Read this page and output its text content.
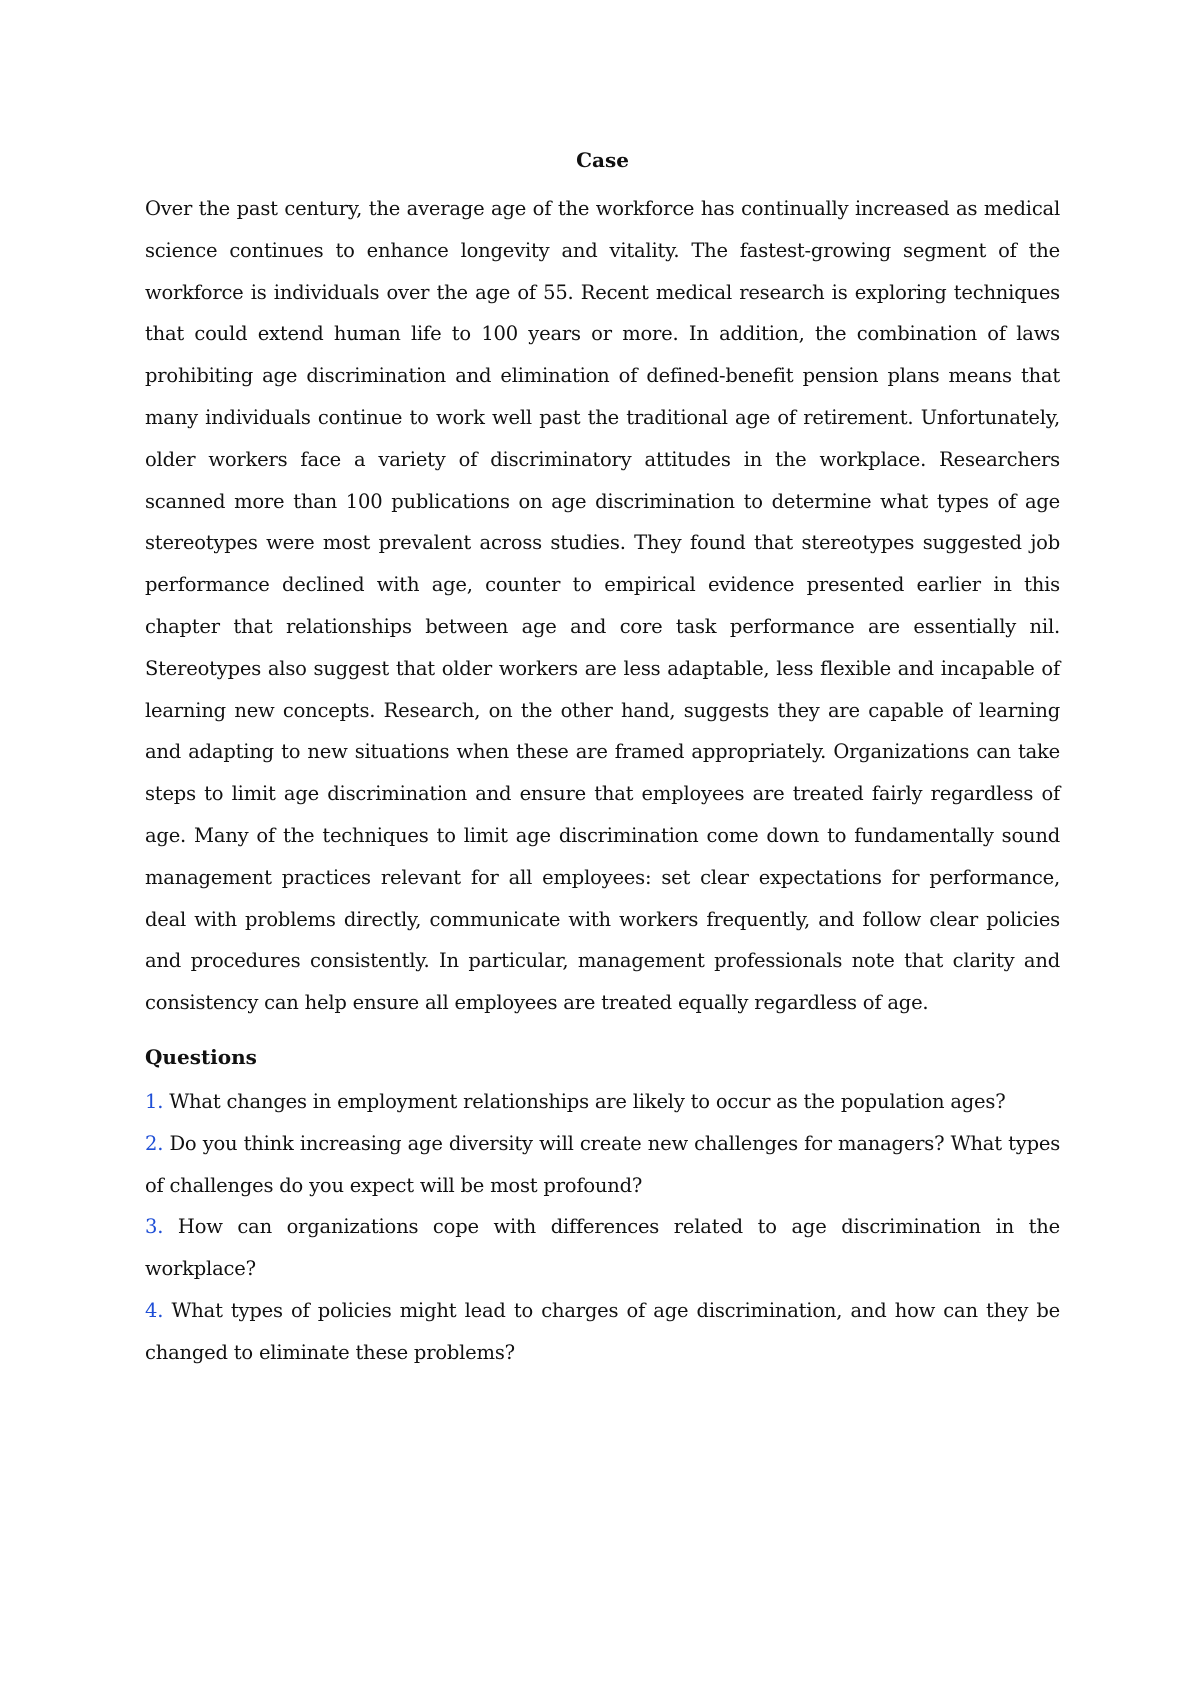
Case

Over the past century, the average age of the workforce has continually increased as medical science continues to enhance longevity and vitality. The fastest-growing segment of the workforce is individuals over the age of 55. Recent medical research is exploring techniques that could extend human life to 100 years or more. In addition, the combination of laws prohibiting age discrimination and elimination of defined-benefit pension plans means that many individuals continue to work well past the traditional age of retirement. Unfortunately, older workers face a variety of discriminatory attitudes in the workplace. Researchers scanned more than 100 publications on age discrimination to determine what types of age stereotypes were most prevalent across studies. They found that stereotypes suggested job performance declined with age, counter to empirical evidence presented earlier in this chapter that relationships between age and core task performance are essentially nil. Stereotypes also suggest that older workers are less adaptable, less flexible and incapable of learning new concepts. Research, on the other hand, suggests they are capable of learning and adapting to new situations when these are framed appropriately. Organizations can take steps to limit age discrimination and ensure that employees are treated fairly regardless of age. Many of the techniques to limit age discrimination come down to fundamentally sound management practices relevant for all employees: set clear expectations for performance, deal with problems directly, communicate with workers frequently, and follow clear policies and procedures consistently. In particular, management professionals note that clarity and consistency can help ensure all employees are treated equally regardless of age.

Questions

1. What changes in employment relationships are likely to occur as the population ages?

2. Do you think increasing age diversity will create new challenges for managers? What types of challenges do you expect will be most profound?

3. How can organizations cope with differences related to age discrimination in the workplace?

4. What types of policies might lead to charges of age discrimination, and how can they be changed to eliminate these problems?
